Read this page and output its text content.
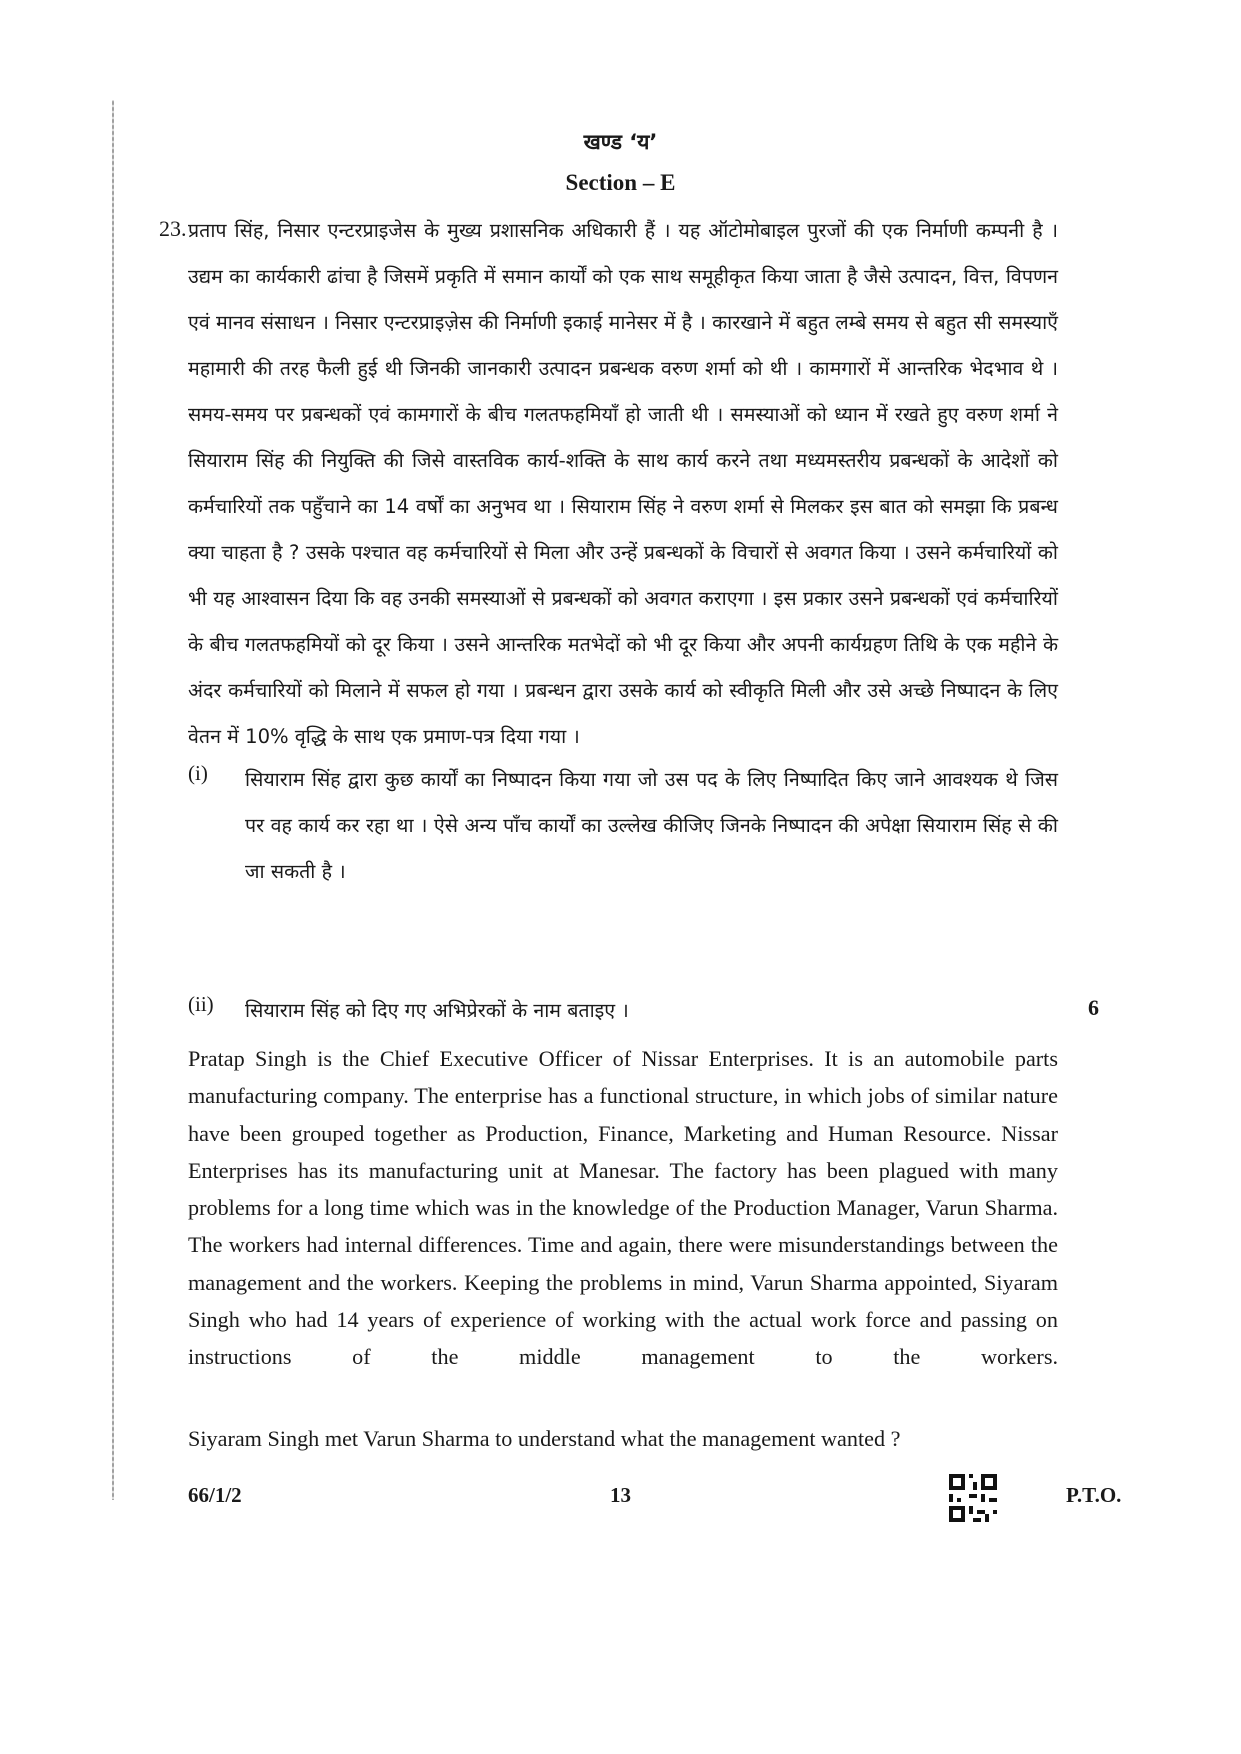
खण्ड ‘य’
Section – E
23. प्रताप सिंह, निसार एन्टरप्राइजेस के मुख्य प्रशासनिक अधिकारी हैं । यह ऑटोमोबाइल पुरजों की एक निर्माणी कम्पनी है । उद्यम का कार्यकारी ढांचा है जिसमें प्रकृति में समान कार्यों को एक साथ समूहीकृत किया जाता है जैसे उत्पादन, वित्त, विपणन एवं मानव संसाधन । निसार एन्टरप्राइज़ेस की निर्माणी इकाई मानेसर में है । कारखाने में बहुत लम्बे समय से बहुत सी समस्याएँ महामारी की तरह फैली हुई थी जिनकी जानकारी उत्पादन प्रबन्धक वरुण शर्मा को थी । कामगारों में आन्तरिक भेदभाव थे । समय-समय पर प्रबन्धकों एवं कामगारों के बीच गलतफहमियाँ हो जाती थी । समस्याओं को ध्यान में रखते हुए वरुण शर्मा ने सियाराम सिंह की नियुक्ति की जिसे वास्तविक कार्य-शक्ति के साथ कार्य करने तथा मध्यमस्तरीय प्रबन्धकों के आदेशों को कर्मचारियों तक पहुँचाने का 14 वर्षों का अनुभव था । सियाराम सिंह ने वरुण शर्मा से मिलकर इस बात को समझा कि प्रबन्ध क्या चाहता है ? उसके पश्चात वह कर्मचारियों से मिला और उन्हें प्रबन्धकों के विचारों से अवगत किया । उसने कर्मचारियों को भी यह आश्वासन दिया कि वह उनकी समस्याओं से प्रबन्धकों को अवगत कराएगा । इस प्रकार उसने प्रबन्धकों एवं कर्मचारियों के बीच गलतफहमियों को दूर किया । उसने आन्तरिक मतभेदों को भी दूर किया और अपनी कार्यग्रहण तिथि के एक महीने के अंदर कर्मचारियों को मिलाने में सफल हो गया । प्रबन्धन द्वारा उसके कार्य को स्वीकृति मिली और उसे अच्छे निष्पादन के लिए वेतन में 10% वृद्धि के साथ एक प्रमाण-पत्र दिया गया ।
(i) सियाराम सिंह द्वारा कुछ कार्यों का निष्पादन किया गया जो उस पद के लिए निष्पादित किए जाने आवश्यक थे जिस पर वह कार्य कर रहा था । ऐसे अन्य पाँच कार्यों का उल्लेख कीजिए जिनके निष्पादन की अपेक्षा सियाराम सिंह से की जा सकती है ।
(ii) सियाराम सिंह को दिए गए अभिप्रेरकों के नाम बताइए ।	6
Pratap Singh is the Chief Executive Officer of Nissar Enterprises. It is an automobile parts manufacturing company. The enterprise has a functional structure, in which jobs of similar nature have been grouped together as Production, Finance, Marketing and Human Resource. Nissar Enterprises has its manufacturing unit at Manesar. The factory has been plagued with many problems for a long time which was in the knowledge of the Production Manager, Varun Sharma. The workers had internal differences. Time and again, there were misunderstandings between the management and the workers. Keeping the problems in mind, Varun Sharma appointed, Siyaram Singh who had 14 years of experience of working with the actual work force and passing on instructions of the middle management to the workers.
Siyaram Singh met Varun Sharma to understand what the management wanted ?
66/1/2	13	P.T.O.
